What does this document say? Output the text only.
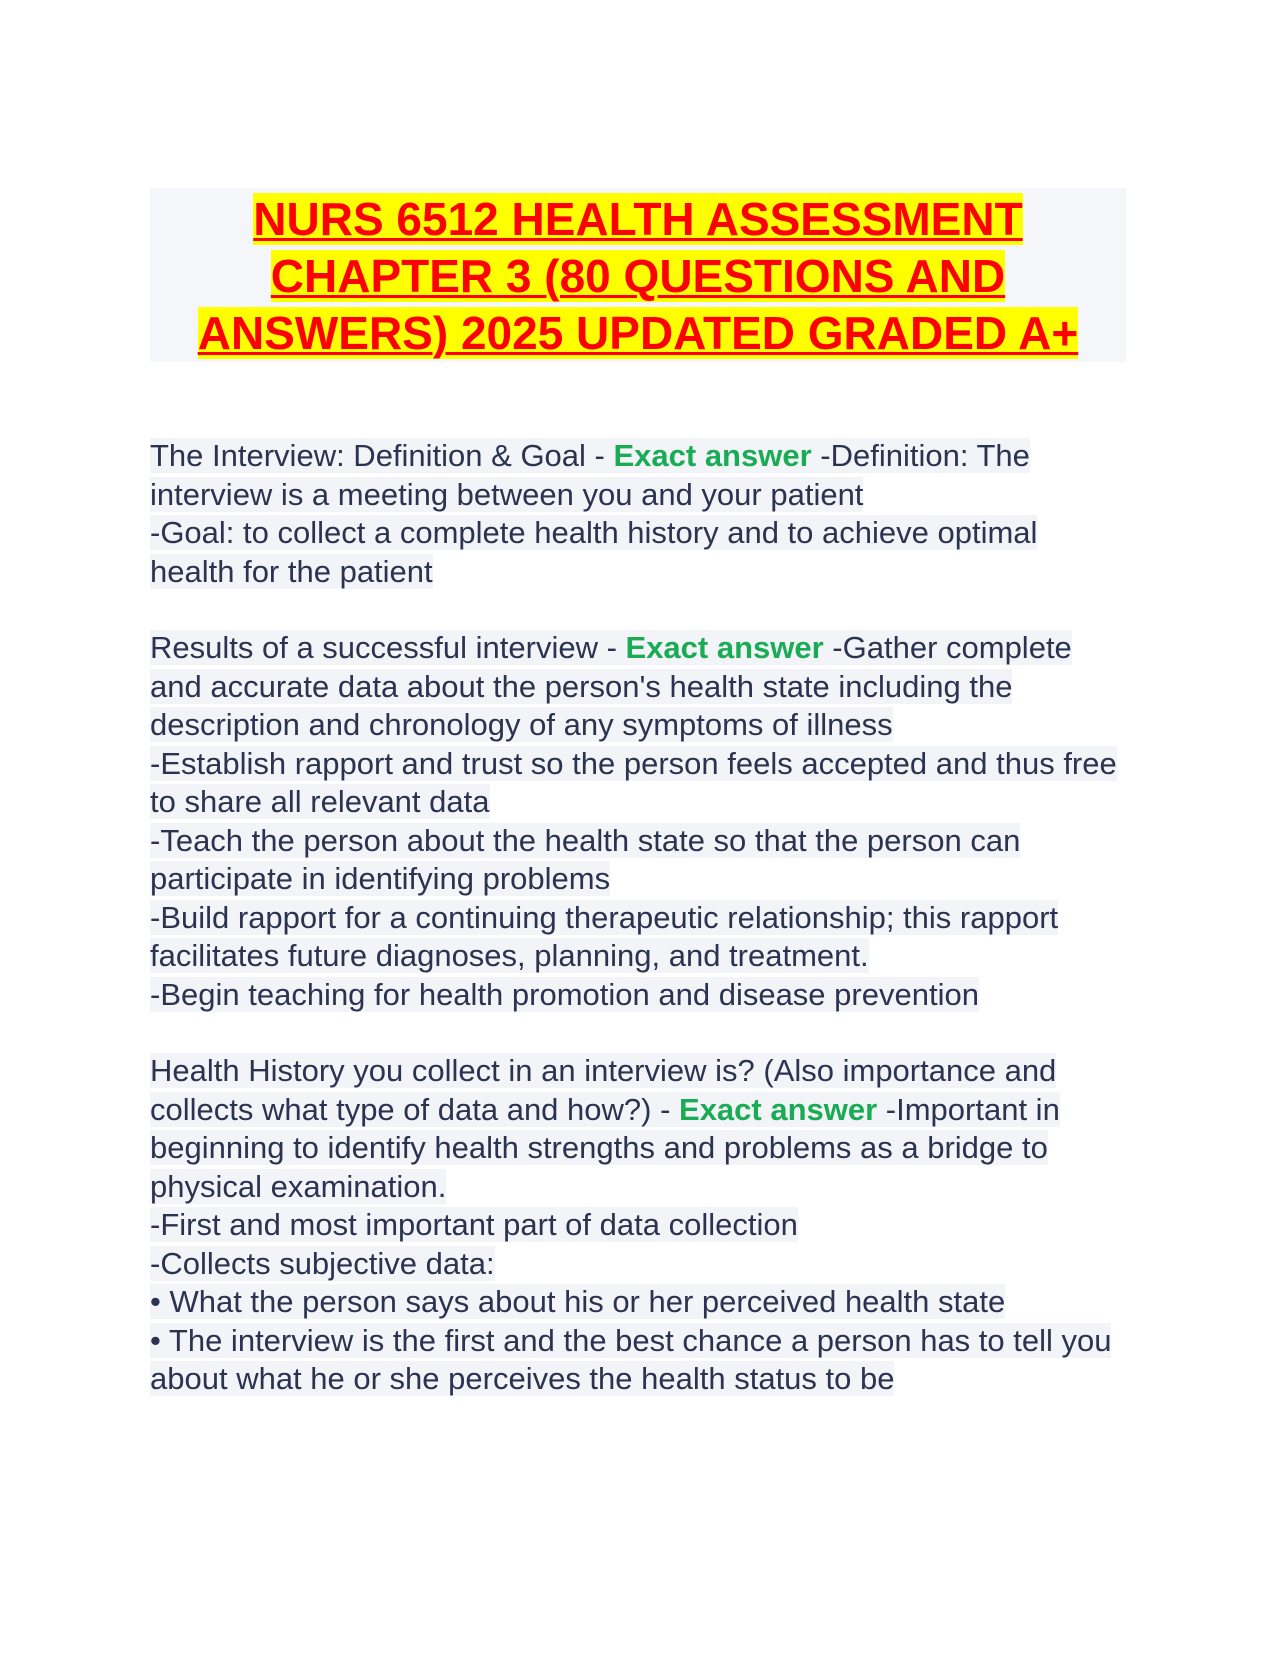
NURS 6512 HEALTH ASSESSMENT
CHAPTER 3 (80 QUESTIONS AND
ANSWERS) 2025 UPDATED GRADED A+
The Interview: Definition & Goal - Exact answer -Definition: The interview is a meeting between you and your patient
-Goal: to collect a complete health history and to achieve optimal health for the patient
Results of a successful interview - Exact answer -Gather complete and accurate data about the person's health state including the description and chronology of any symptoms of illness
-Establish rapport and trust so the person feels accepted and thus free to share all relevant data
-Teach the person about the health state so that the person can participate in identifying problems
-Build rapport for a continuing therapeutic relationship; this rapport facilitates future diagnoses, planning, and treatment.
-Begin teaching for health promotion and disease prevention
Health History you collect in an interview is? (Also importance and collects what type of data and how?) - Exact answer -Important in beginning to identify health strengths and problems as a bridge to physical examination.
-First and most important part of data collection
-Collects subjective data:
• What the person says about his or her perceived health state
• The interview is the first and the best chance a person has to tell you about what he or she perceives the health status to be
